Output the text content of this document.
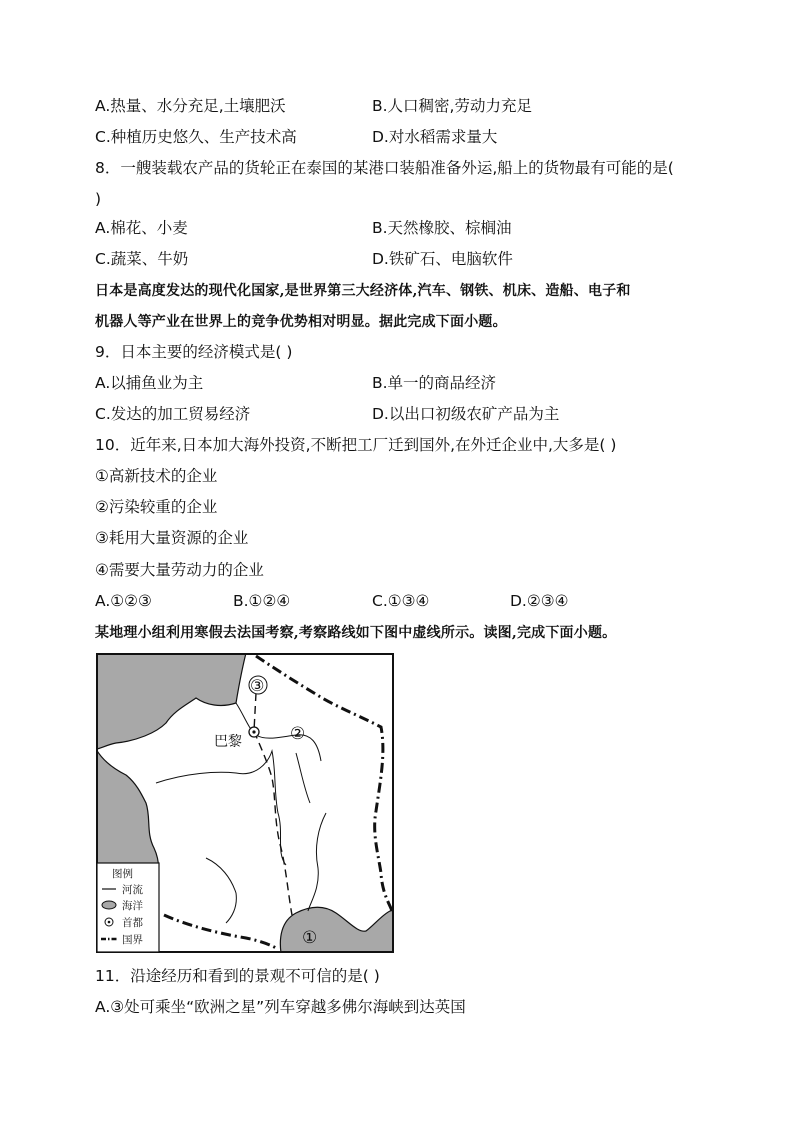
A.热量、水分充足,土壤肥沃	B.人口稠密,劳动力充足
C.种植历史悠久、生产技术高	D.对水稻需求量大
8．一艘装载农产品的货轮正在泰国的某港口装船准备外运,船上的货物最有可能的是(
)
A.棉花、小麦	B.天然橡胶、棕榈油
C.蔬菜、牛奶	D.铁矿石、电脑软件
日本是高度发达的现代化国家,是世界第三大经济体,汽车、钢铁、机床、造船、电子和
机器人等产业在世界上的竞争优势相对明显。据此完成下面小题。
9．日本主要的经济模式是( )
A.以捕鱼业为主	B.单一的商品经济
C.发达的加工贸易经济	D.以出口初级农矿产品为主
10．近年来,日本加大海外投资,不断把工厂迁到国外,在外迁企业中,大多是( )
①高新技术的企业
②污染较重的企业
③耗用大量资源的企业
④需要大量劳动力的企业
A.①②③	B.①②④	C.①③④	D.②③④
某地理小组利用寒假去法国考察,考察路线如下图中虚线所示。读图,完成下面小题。
巴黎
③
②
①
图例
河流
海洋
首都
国界
11．沿途经历和看到的景观不可信的是( )
A.③处可乘坐“欧洲之星”列车穿越多佛尔海峡到达英国
